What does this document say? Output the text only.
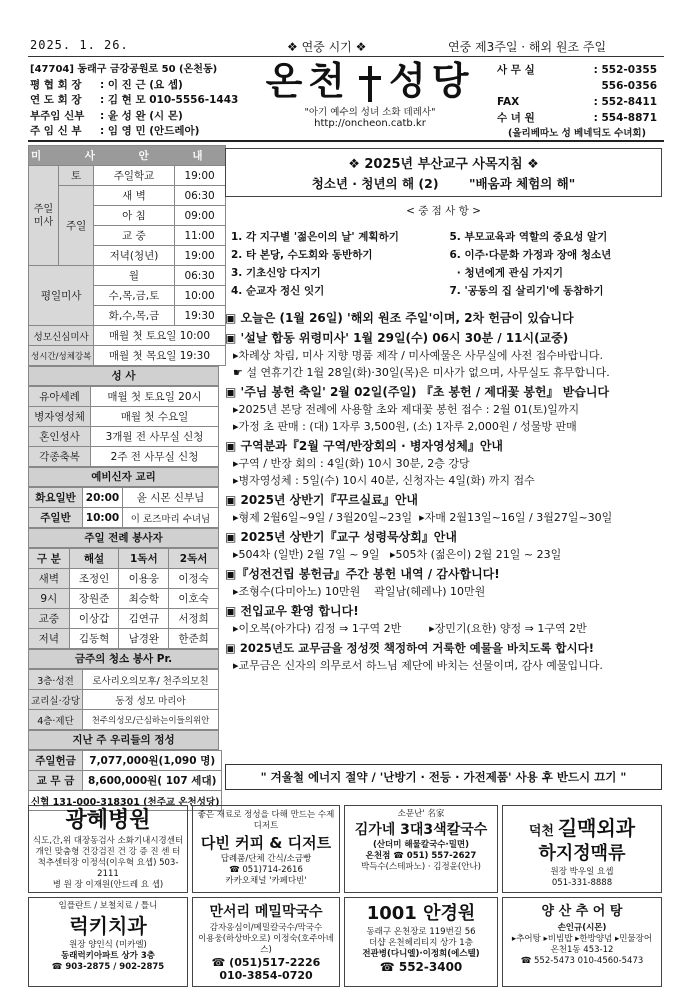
2025. 1. 26.	❖ 연중 시기 ❖	연중 제3주일 · 해외 원조 주일
[47704] 동래구 금강공원로 50 (온천동)
평 협 회 장	: 이 진 근 (요 셉)
연 도 회 장	: 김 현 모 010-5556-1443
부주임 신부	: 윤 성 완 (시 몬)
주 임 신 부	: 임 영 민 (안드레아)
온천 성당
"아기 예수의 성녀 소화 데레사"
http://oncheon.catb.kr
사 무 실	: 552-0355
556-0356
FAX	: 552-8411
수 녀 원	: 554-8871
(올리베따노 성 베네딕도 수녀회)
미 사 안 내			
주일미사	토	주일학교	19:00
	주일	새 벽	06:30
		아 침	09:00
		교 중	11:00
		저녁(청년)	19:00
평일미사		월	06:30
		수,목,금,토	10:00
		화,수,목,금	19:30
성모신심미사		매월 첫 토요일 10:00	
성시간/성체강복		매월 첫 목요일 19:30	
성 사
유아세례	매월 첫 토요일 20시
병자영성체	매월 첫 수요일
혼인성사	3개월 전 사무실 신청
각종축복	2주 전 사무실 신청
예비신자 교리
화요일반	20:00	윤 시몬 신부님
주일반	10:00	이 로즈마리 수녀님
주일 전례 봉사자
구 분	해설	1독서	2독서
새벽	조정인	이용웅	이정숙
9시	장원준	최승학	이호숙
교중	이상갑	김연규	서정희
저녁	김동혁	남경완	한준희
금주의 청소 봉사 Pr.
3층·성전	로사리오의모후/ 천주의모친
교리실·강당	동정 성모 마리아
4층·제단	천주의성모/근심하는이들의위안
지난 주 우리들의 정성
주일헌금	7,077,000원(1,090 명)
교 무 금	8,600,000원( 107 세대)
신협 131-000-318301 (천주교 온천성당)	
❖ 2025년 부산교구 사목지침 ❖
청소년 · 청년의 해 (2)       "배움과 체험의 해"
< 중 점 사 항 >
1. 각 지구별 '젊은이의 날' 계획하기
2. 타 본당, 수도회와 동반하기
3. 기초신앙 다지기
4. 순교자 정신 잇기
5. 부모교육과 역할의 중요성 알기
6. 이주·다문화 가정과 장애 청소년
· 청년에게 관심 가지기
7. '공동의 집 살리기'에 동참하기
▣ 오늘은 (1월 26일) '해외 원조 주일'이며, 2차 헌금이 있습니다
▣ '설날 합동 위령미사' 1월 29일(수) 06시 30분 / 11시(교중)
▸차례상 차림, 미사 지향 명품 제작 / 미사예물은 사무실에 사전 접수바랍니다.
☛ 설 연휴기간 1월 28일(화)·30일(목)은 미사가 없으며, 사무실도 휴무합니다.
▣ '주님 봉헌 축일' 2월 02일(주일) 『초 봉헌 / 제대꽃 봉헌』 받습니다
▸2025년 본당 전례에 사용할 초와 제대꽃 봉헌 접수 : 2월 01(토)일까지
▸가정 초 판매 : (대) 1자루 3,500원, (소) 1자루 2,000원 / 성물방 판매
▣ 구역분과『2월 구역/반장회의 · 병자영성체』안내
▸구역 / 반장 회의 : 4일(화) 10시 30분, 2층 강당
▸병자영성체 : 5일(수) 10시 40분, 신청자는 4일(화) 까지 접수
▣ 2025년 상반기『꾸르실료』안내
▸형제 2월6일~9일 / 3월20일~23일  ▸자매 2월13일~16일 / 3월27일~30일
▣ 2025년 상반기『교구 성령묵상회』안내
▸504차 (일반) 2월 7일 ~ 9일   ▸505차 (젊은이) 2월 21일 ~ 23일
▣『성전건립 봉헌금』주간 봉헌 내역 / 감사합니다!
▸조형수(다미아노) 10만원    곽일남(헤레나) 10만원
▣ 전입교우 환영 합니다!
▸이오복(아가다) 김정 ⇒ 1구역 2반        ▸장민기(요한) 양정 ⇒ 1구역 2반
▣ 2025년도 교무금을 정성껏 책정하여 거룩한 예물을 바치도록 합시다!
▸교무금은 신자의 의무로서 하느님 제단에 바치는 선물이며, 감사 예물입니다.
" 겨울철 에너지 절약 / '난방기 · 전등 · 가전제품' 사용 후 반드시 끄기 "
광혜병원
식도,간,위 대장동검사 소화기내시경센터
개인 맞춤형 건강검진 건 강 증 진 센 터
척추센터장 이정석(이우혁 요셉) 503-2111
병 원 장 이재원(안드레 요 셉)
좋은 재료로 정성을 다해 만드는 수제 디저트
다빈 커피 & 디저트
답례품/단체 간식/소금빵
☎ 051)714-2616
카카오채널 '카페다빈'
소문난' 名家
김가네 3대3색칼국수
(산더미 해물칼국수·밀면)
온천점 ☎ 051) 557-2627
박득수(스테파노) · 김정윤(안나)
덕천 길맥외과
하지정맥류
원장 박우일 요셉
051-331-8888
임플란트 / 보철치료 / 틀니
럭키치과
원장 양인식 (미카엘)
동래럭키아파트 상가 3층
☎ 903-2875 / 902-2875
만서리 메밀막국수
감자옹심이/메밀칼국수/막국수
이용웅(하상바오로) 이정숙(호주아녜스)
☎ (051)517-2226
010-3854-0720
1001 안경원
동래구 온천장로 119번길 56
더샵 온천헤리티지 상가 1층
전관병(다니엘)·이정희(에스텔)
☎ 552-3400
양 산 추 어 탕
손인규(시몬)
▸추어탕 ▸비빔밥 ▸한방양념 ▸민물장어
온천1동 453-12
☎ 552-5473 010-4560-5473
